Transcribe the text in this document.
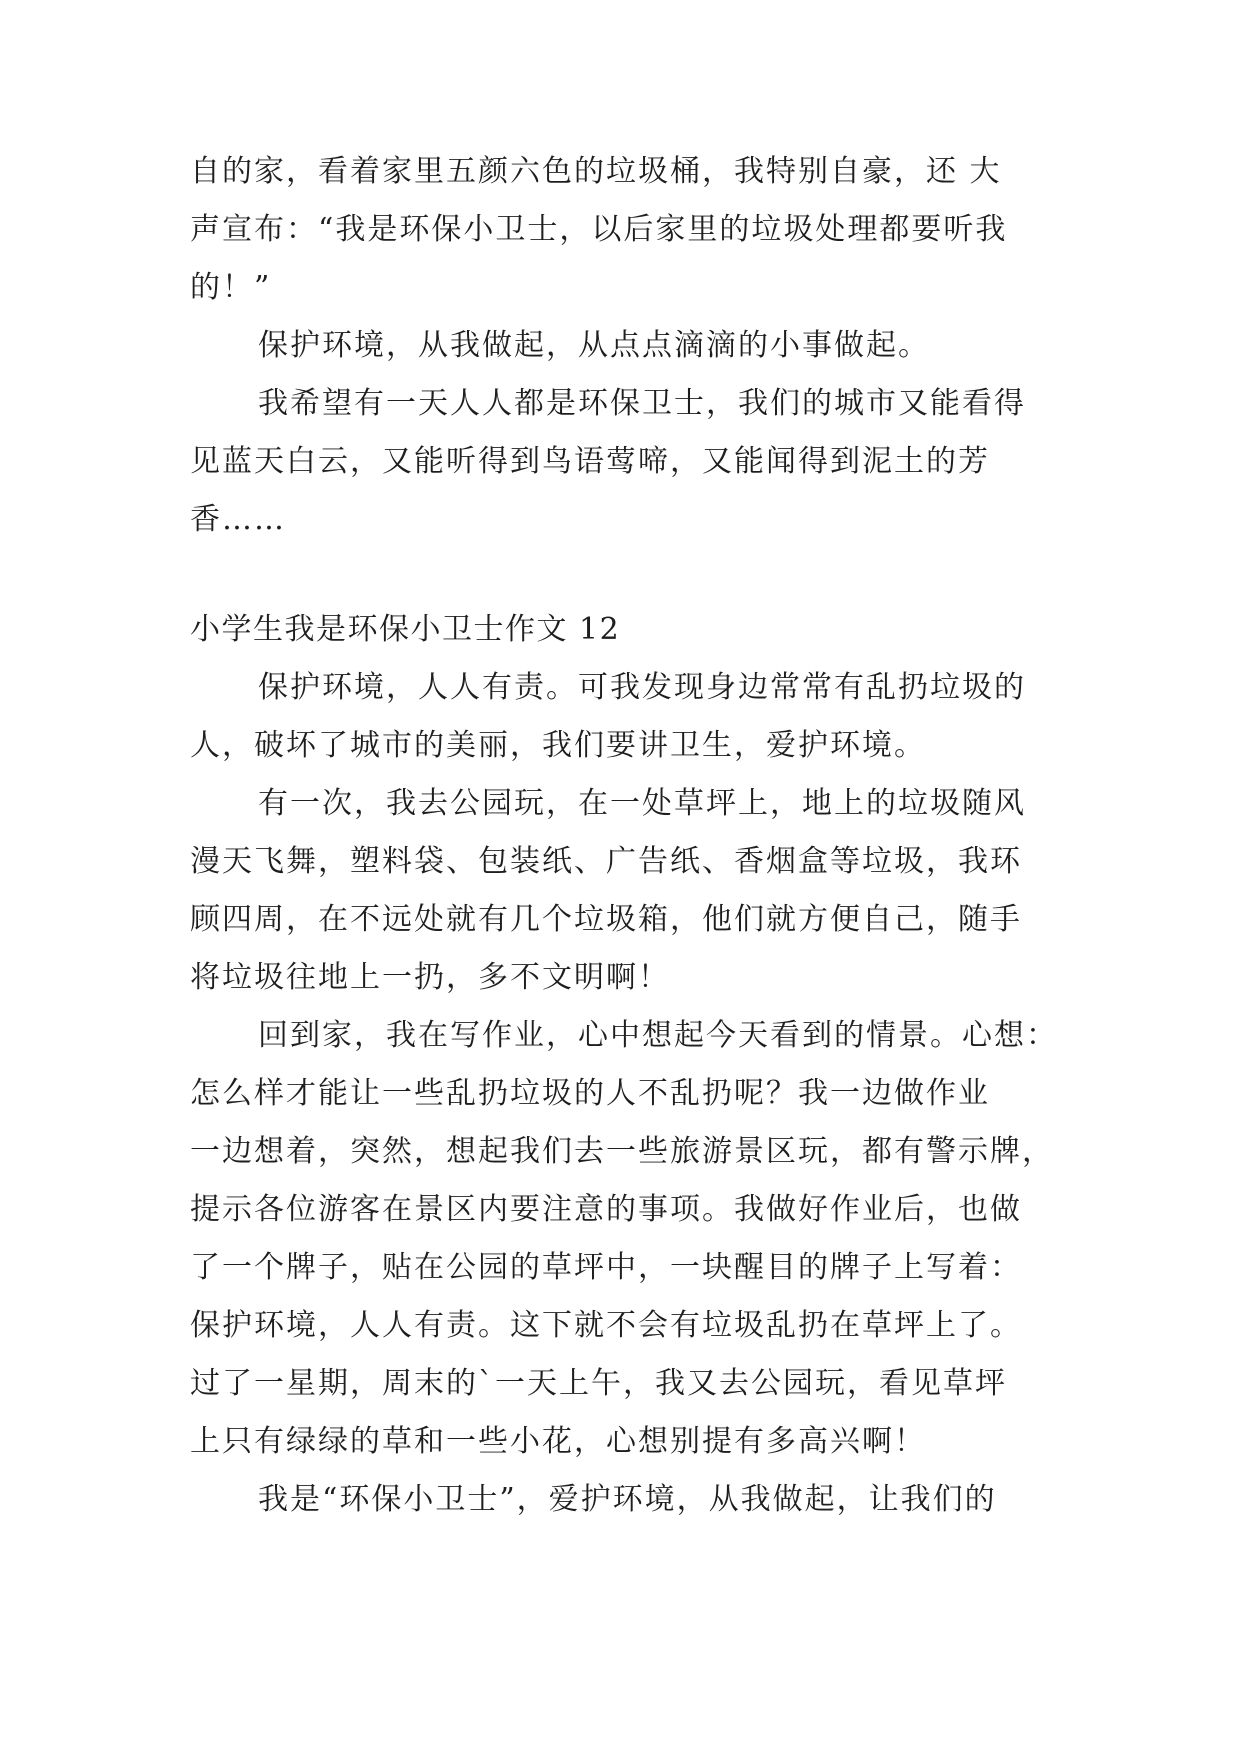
自的家，看着家里五颜六色的垃圾桶，我特别自豪，还 大
声宣布：“我是环保小卫士，以后家里的垃圾处理都要听我
的！”
保护环境，从我做起，从点点滴滴的小事做起。
我希望有一天人人都是环保卫士，我们的城市又能看得
见蓝天白云，又能听得到鸟语莺啼，又能闻得到泥土的芳
香……
小学生我是环保小卫士作文 12
保护环境，人人有责。可我发现身边常常有乱扔垃圾的
人，破坏了城市的美丽，我们要讲卫生，爱护环境。
有一次，我去公园玩，在一处草坪上，地上的垃圾随风
漫天飞舞，塑料袋、包装纸、广告纸、香烟盒等垃圾，我环
顾四周，在不远处就有几个垃圾箱，他们就方便自己，随手
将垃圾往地上一扔，多不文明啊！
回到家，我在写作业，心中想起今天看到的情景。心想：
怎么样才能让一些乱扔垃圾的人不乱扔呢？我一边做作业
一边想着，突然，想起我们去一些旅游景区玩，都有警示牌，
提示各位游客在景区内要注意的事项。我做好作业后，也做
了一个牌子，贴在公园的草坪中，一块醒目的牌子上写着：
保护环境，人人有责。这下就不会有垃圾乱扔在草坪上了。
过了一星期，周末的`一天上午，我又去公园玩，看见草坪
上只有绿绿的草和一些小花，心想别提有多高兴啊！
我是“环保小卫士”，爱护环境，从我做起，让我们的
